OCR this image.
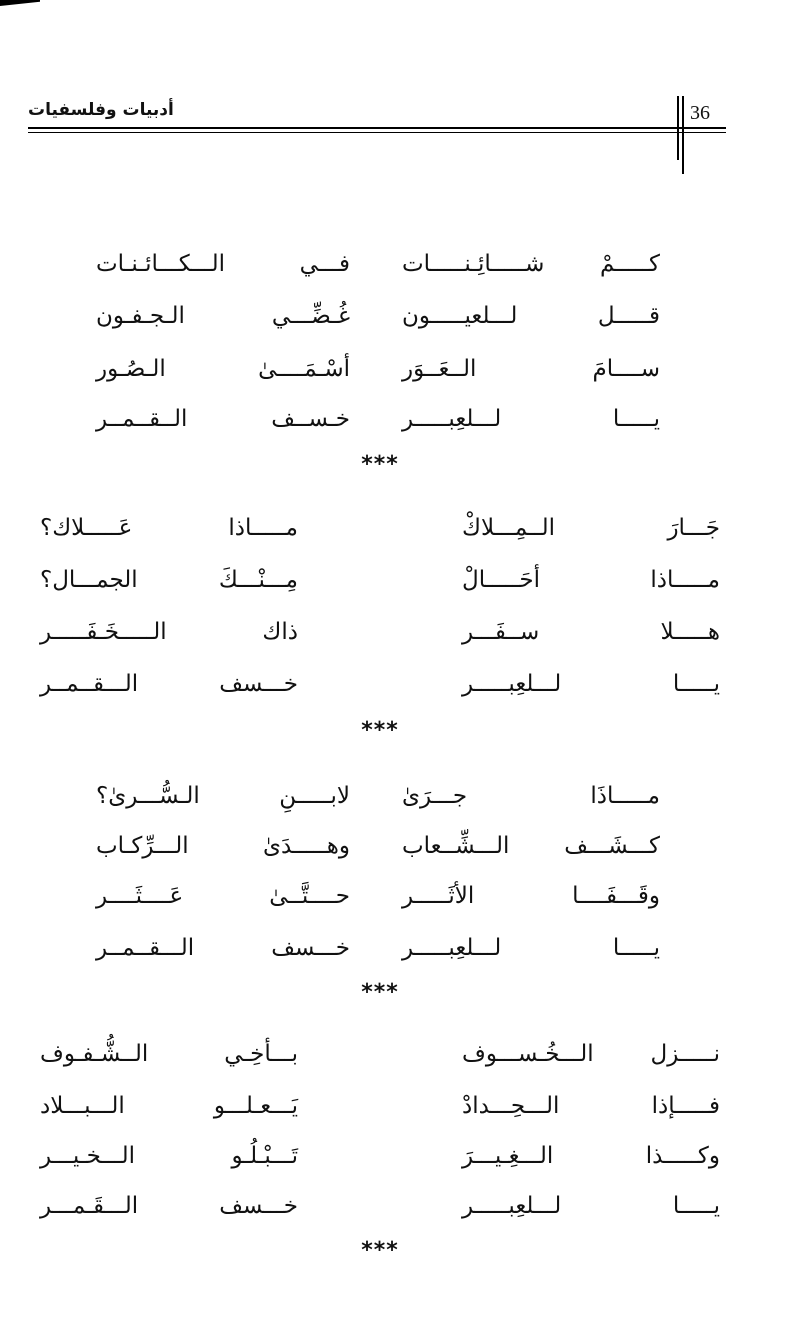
أدبيات وفلسفيات	36
كـــــمْ شـــــائِـنـــــات
فـــي الـــكـــائـنـات
قـــــل لـــلعيـــــون
غُـضِّـــي الـجـفـون
ســــامَ الــعَــوَر
أسْـمَــــىٰ الـصُـور
يـــــا لـــلعِبـــــر
خـســف الــقــمــر
***
جَـــارَ الــمِـــلاكْ
مـــــاذا عَـــــلاك؟
مـــــاذا أحَـــــالْ
مِـــنْـــكَ الجمـــال؟
هـــــلا ســفَـــر
ذاك الـــــخَـفَـــــر
يـــــا لـــلعِبـــــر
خـــسف الـــقــمــر
***
مـــــاذَا جـــرَىٰ
لابـــــنِ الـسُّـــرىٰ؟
كـــشَـــف الـــشِّــعاب
وهـــــدَىٰ الـــرِّكـاب
وقَـــفَــــا الأثَـــــر
حــــتَّــىٰ عَــــثَــــر
يـــــا لـــلعِبـــــر
خـــسف الـــقــمــر
***
نـــــزل الـــخُـســـوف
بـــأخِـي الــشُّـفـوف
فـــــإذا الـــحِـــدادْ
يَـــعـلـــو الـــبـــلاد
وكـــــذا الـــغِـيـــرَ
تَـــبْـلُـو الـــخـيـــر
يـــــا لـــلعِبـــــر
خـــسف الـــقَـمـــر
***
